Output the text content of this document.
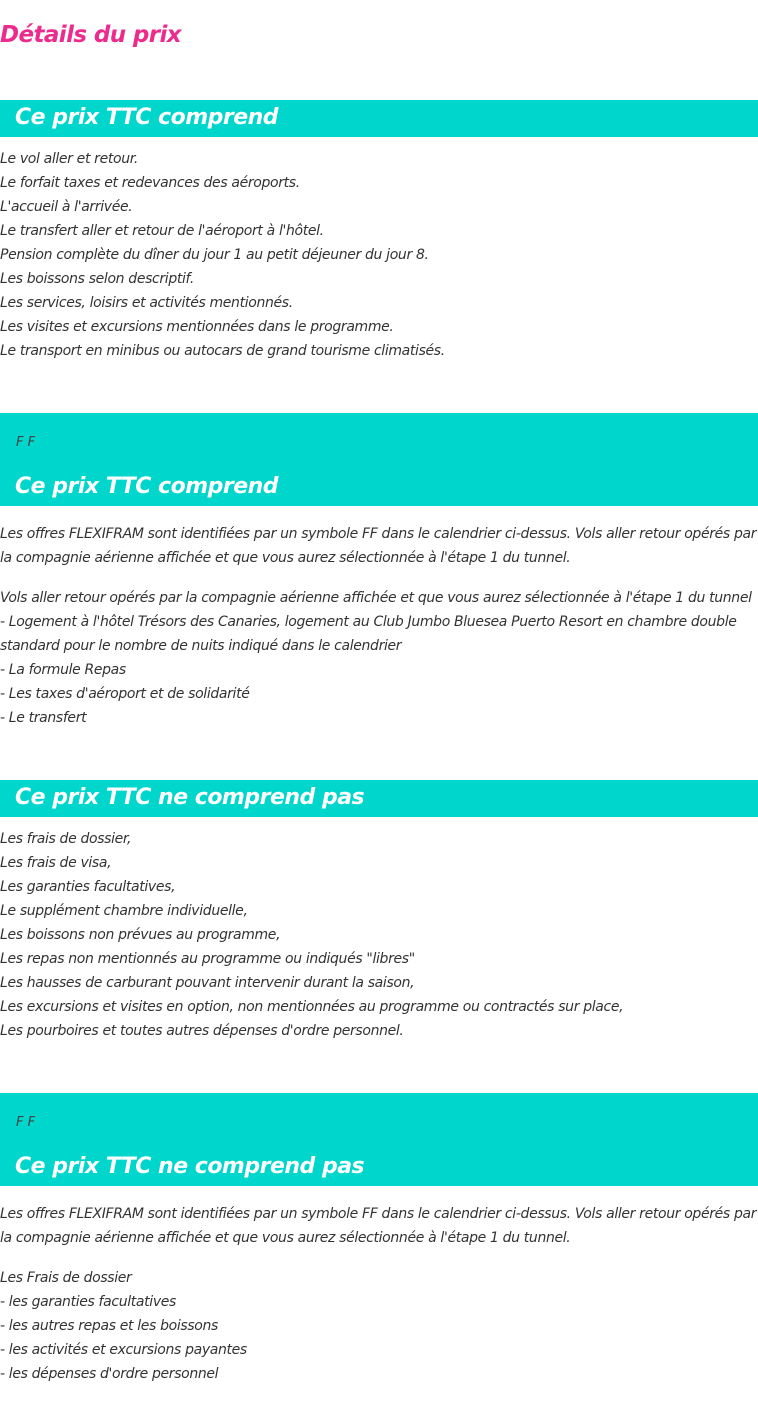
Détails du prix
Ce prix TTC comprend
Le vol aller et retour.
Le forfait taxes et redevances des aéroports.
L'accueil à l'arrivée.
Le transfert aller et retour de l'aéroport à l'hôtel.
Pension complète du dîner du jour 1 au petit déjeuner du jour 8.
Les boissons selon descriptif.
Les services, loisirs et activités mentionnés.
Les visites et excursions mentionnées dans le programme.
Le transport en minibus ou autocars de grand tourisme climatisés.
F F
Ce prix TTC comprend
Les offres FLEXIFRAM sont identifiées par un symbole FF dans le calendrier ci-dessus. Vols aller retour opérés par la compagnie aérienne affichée et que vous aurez sélectionnée à l'étape 1 du tunnel.
Vols aller retour opérés par la compagnie aérienne affichée et que vous aurez sélectionnée à l'étape 1 du tunnel
- Logement à l'hôtel Trésors des Canaries, logement au Club Jumbo Bluesea Puerto Resort en chambre double standard pour le nombre de nuits indiqué dans le calendrier
- La formule Repas
- Les taxes d'aéroport et de solidarité
- Le transfert
Ce prix TTC ne comprend pas
Les frais de dossier,
Les frais de visa,
Les garanties facultatives,
Le supplément chambre individuelle,
Les boissons non prévues au programme,
Les repas non mentionnés au programme ou indiqués "libres"
Les hausses de carburant pouvant intervenir durant la saison,
Les excursions et visites en option, non mentionnées au programme ou contractés sur place,
Les pourboires et toutes autres dépenses d'ordre personnel.
F F
Ce prix TTC ne comprend pas
Les offres FLEXIFRAM sont identifiées par un symbole FF dans le calendrier ci-dessus. Vols aller retour opérés par la compagnie aérienne affichée et que vous aurez sélectionnée à l'étape 1 du tunnel.
Les Frais de dossier
- les garanties facultatives
- les autres repas et les boissons
- les activités et excursions payantes
- les dépenses d'ordre personnel
